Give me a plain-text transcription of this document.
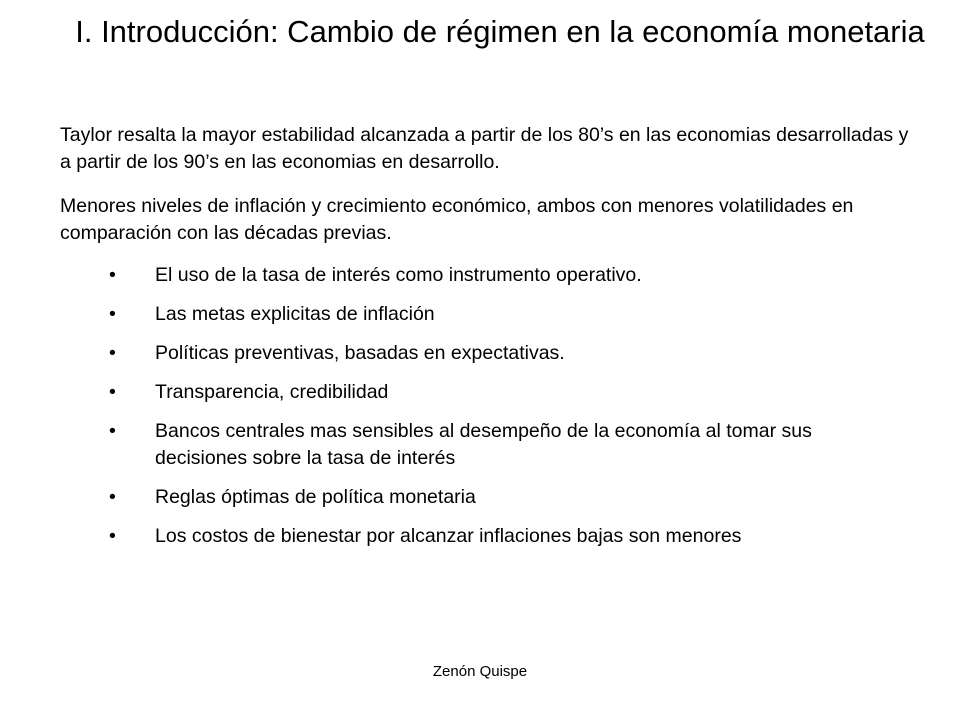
I. Introducción: Cambio de régimen en la economía monetaria

Taylor resalta la mayor estabilidad alcanzada a partir de los 80’s en las economias desarrolladas y a partir de los 90’s en las economias en desarrollo.

Menores niveles de inflación y crecimiento económico, ambos con menores volatilidades en comparación con las décadas previas.

• El uso de la tasa de interés como instrumento operativo.
• Las metas explicitas de inflación
• Políticas preventivas, basadas en expectativas.
• Transparencia, credibilidad
• Bancos centrales mas sensibles al desempeño de la economía al tomar sus decisiones sobre la tasa de interés
• Reglas óptimas de política monetaria
• Los costos de bienestar por alcanzar inflaciones bajas son menores
Zenón Quispe
